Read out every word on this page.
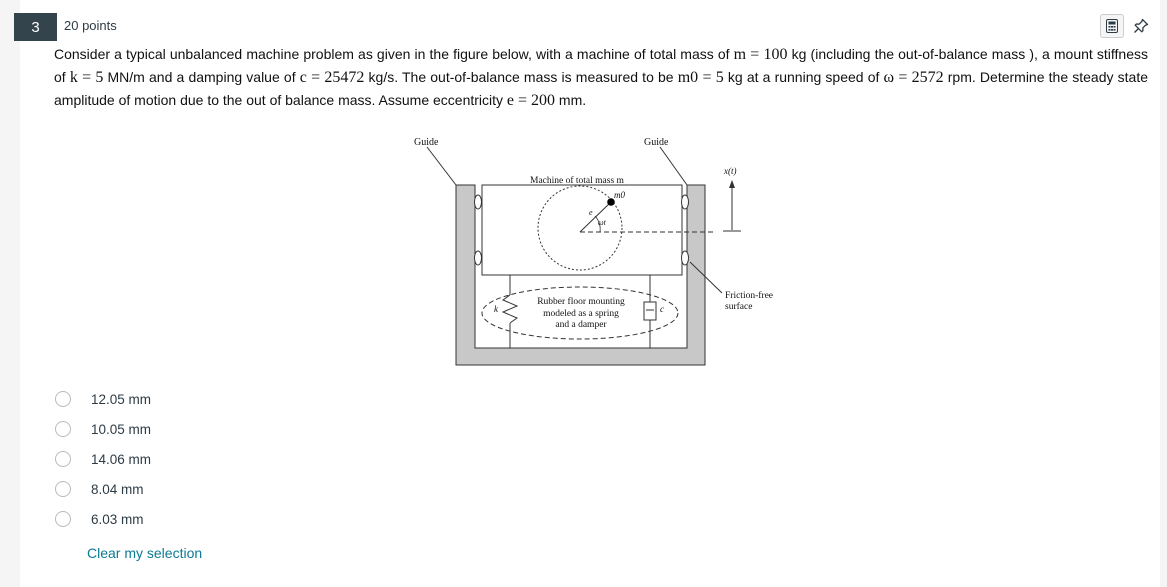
3	20 points
Consider a typical unbalanced machine problem as given in the figure below, with a machine of total mass of m = 100 kg (including the out-of-balance mass ), a mount stiffness of k = 5 MN/m and a damping value of c = 25472 kg/s. The out-of-balance mass is measured to be m0 = 5 kg at a running speed of ω = 2572 rpm. Determine the steady state amplitude of motion due to the out of balance mass. Assume eccentricity e = 200 mm.
Guide	Guide
Machine of total mass m
m0
e
ωt
x(t)
Friction-free
surface
Rubber floor mounting
modeled as a spring
and a damper
k	c
12.05 mm
10.05 mm
14.06 mm
8.04 mm
6.03 mm
Clear my selection
